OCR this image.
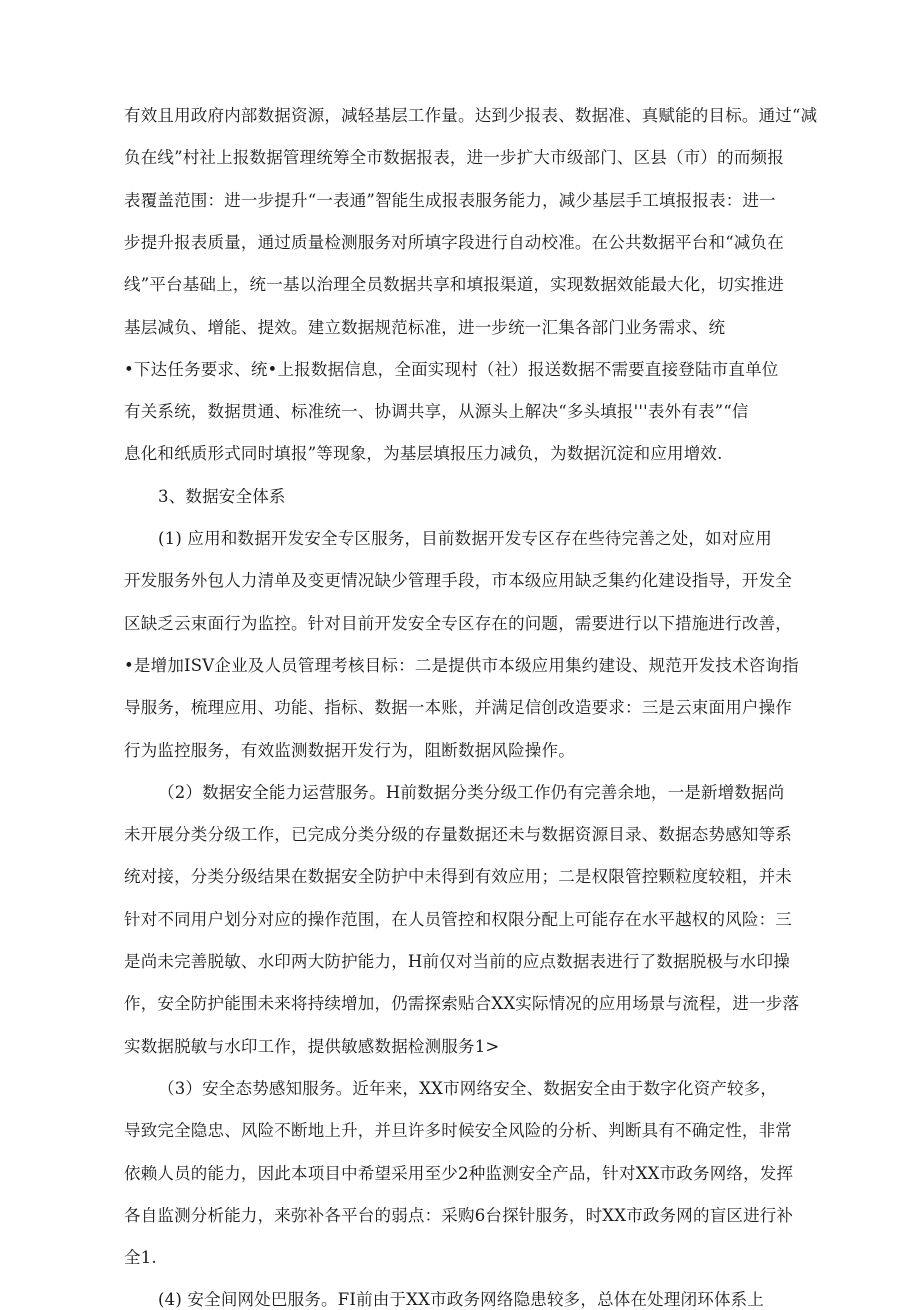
有效且用政府内部数据资源，减轻基层工作量。达到少报表、数据准、真赋能的目标。通过“减
负在线”村社上报数据管理统筹全市数据报表，进一步扩大市级部门、区县（市）的而频报
表覆盖范围：进一步提升“一表通”智能生成报表服务能力，减少基层手工填报报表：进一
步提升报表质量，通过质量检测服务对所填字段进行自动校准。在公共数据平台和“减负在
线”平台基础上，统一基以治理全员数据共享和填报渠道，实现数据效能最大化，切实推进
基层减负、增能、提效。建立数据规范标准，进一步统一汇集各部门业务需求、统
•下达任务要求、统•上报数据信息，全面实现村（社）报送数据不需要直接登陆市直单位
有关系统，数据贯通、标准统一、协调共享，从源头上解决“多头填报'''表外有表”“信
息化和纸质形式同时填报”等现象，为基层填报压力减负，为数据沉淀和应用增效.
3、数据安全体系
(1) 应用和数据开发安全专区服务，目前数据开发专区存在些待完善之处，如对应用
开发服务外包人力清单及变更情况缺少管理手段，市本级应用缺乏集约化建设指导，开发全
区缺乏云束面行为监控。针对目前开发安全专区存在的问题，需要进行以下措施进行改善，
•是增加ISV企业及人员管理考核目标：二是提供市本级应用集约建设、规范开发技术咨询指
导服务，梳理应用、功能、指标、数据一本账，并满足信创改造要求：三是云束面用户操作
行为监控服务，有效监测数据开发行为，阻断数据风险操作。
（2）数据安全能力运营服务。H前数据分类分级工作仍有完善余地，一是新增数据尚
未开展分类分级工作，已完成分类分级的存量数据还未与数据资源目录、数据态势感知等系
统对接，分类分级结果在数据安全防护中未得到有效应用；二是权限管控颗粒度较粗，并未
针对不同用户划分对应的操作范围，在人员管控和权限分配上可能存在水平越权的风险：三
是尚未完善脱敏、水印两大防护能力，H前仅对当前的应点数据表进行了数据脱极与水印操
作，安全防护能围未来将持续增加，仍需探索贴合XX实际情况的应用场景与流程，进一步落
实数据脱敏与水印工作，提供敏感数据检测服务1>
（3）安全态势感知服务。近年来，XX市网络安全、数据安全由于数字化资产较多，
导致完全隐忠、风险不断地上升，并旦许多时候安全风险的分析、判断具有不确定性，非常
依赖人员的能力，因此本项目中希望采用至少2种监测安全产品，针对XX市政务网络，发挥
各自监测分析能力，来弥补各平台的弱点：采购6台探针服务，时XX市政务网的盲区进行补
全1.
(4) 安全间网处巴服务。FI前由于XX市政务网络隐患较多，总体在处理闭环体系上
